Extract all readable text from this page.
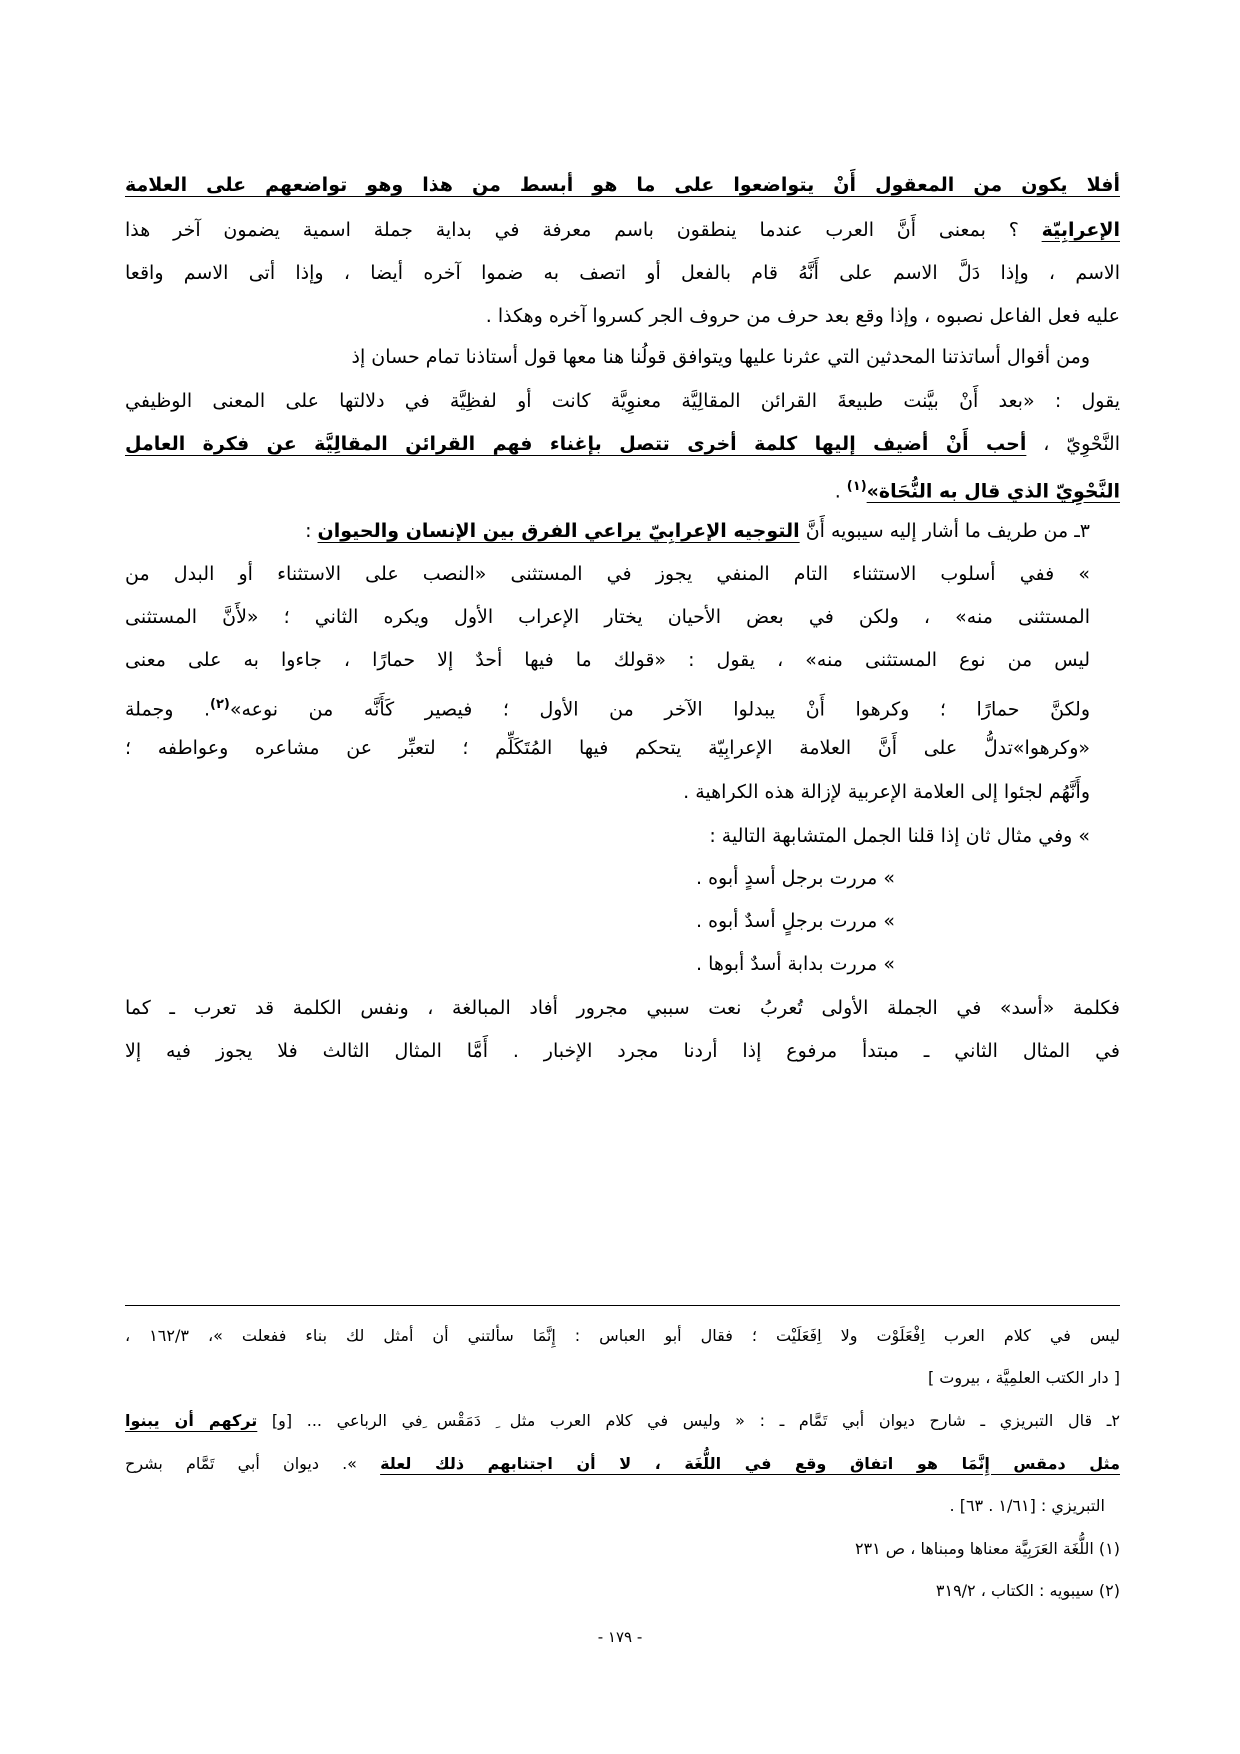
أفلا يكون من المعقول أَنْ يتواضعوا على ما هو أبسط من هذا وهو تواضعهم على العلامة
الإعرابِيّة ؟ بمعنى أَنَّ العرب عندما ينطقون باسم معرفة في بداية جملة اسمية يضمون آخر هذا
الاسم ، وإذا دَلَّ الاسم على أَنَّهُ قام بالفعل أو اتصف به ضموا آخره أيضا ، وإذا أتى الاسم واقعا
عليه فعل الفاعل نصبوه ، وإذا وقع بعد حرف من حروف الجر كسروا آخره وهكذا .
ومن أقوال أساتذتنا المحدثين التي عثرنا عليها ويتوافق قولُنا هنا معها قول أستاذنا تمام حسان إذ
يقول : «بعد أَنْ بيَّنت طبيعةَ القرائن المقالِيَّة معنوِيَّة كانت أو لفظِيَّة في دلالتها على المعنى الوظيفي
النَّحْوِيّ ، أحب أَنْ أضيف إليها كلمة أخرى تتصل بإغناء فهم القرائن المقالِيَّة عن فكرة العامل
النَّحْوِيّ الذي قال به النُّحَاة»$^{(١)}$ .
٣ـ من طريف ما أشار إليه سيبويه أَنَّ التوجيه الإعرابِيّ يراعي الفرق بين الإنسان والحيوان :
» ففي أسلوب الاستثناء التام المنفي يجوز في المستثنى «النصب على الاستثناء أو البدل من
المستثنى منه» ، ولكن في بعض الأحيان يختار الإعراب الأول ويكره الثاني ؛ «لأَنَّ المستثنى
ليس من نوع المستثنى منه» ، يقول : «قولك ما فيها أحدٌ إلا حمارًا ، جاءوا به على معنى
ولكنَّ حمارًا ؛ وكرهوا أَنْ يبدلوا الآخر من الأول ؛ فيصير كَأَنَّه من نوعه»$^{(٢)}$. وجملة
«وكرهوا»تدلُّ على أَنَّ العلامة الإعرابِيّة يتحكم فيها المُتَكَلِّم ؛ لتعبِّر عن مشاعره وعواطفه ؛
وأَنَّهُم لجئوا إلى العلامة الإعربية لإزالة هذه الكراهية .
» وفي مثال ثان إذا قلنا الجمل المتشابهة التالية :
» مررت برجل أسدٍ أبوه .
» مررت برجلٍ أسدٌ أبوه .
» مررت بدابة أسدٌ أبوها .
فكلمة «أسد» في الجملة الأولى تُعربُ نعت سببي مجرور أفاد المبالغة ، ونفس الكلمة قد تعرب ـ كما
في المثال الثاني ـ مبتدأ مرفوع إذا أردنا مجرد الإخبار . أَمَّا المثال الثالث فلا يجوز فيه إلا
ليس في كلام العرب اِفْعَلَوْت ولا اِفَعَلَيْت ؛ فقال أبو العباس : إِنَّمَا سألتني أن أمثل لك بناء ففعلت »، ١٦٢/٣ ،
[ دار الكتب العلمِيَّة ، بيروت ]
٢ـ قال التبريزي ـ شارح ديوان أبي تَمَّام ـ : « وليس في كلام العرب مثل ِ دَمَقْس ِفي الرباعي ... [و] تركهم أن يبنوا
مثل دمقس إِنَّمَا هو اتفاق وقع في اللُّغَة ، لا أن اجتنابهم ذلك لعلة ». ديوان أبي تَمَّام بشرح
التبريزي : [١/٦١ . ٦٣] .
(١) اللُّغَة العَرَبِيَّة معناها ومبناها ، ص ٢٣١
(٢) سيبويه : الكتاب ، ٣١٩/٢
- ١٧٩ -
